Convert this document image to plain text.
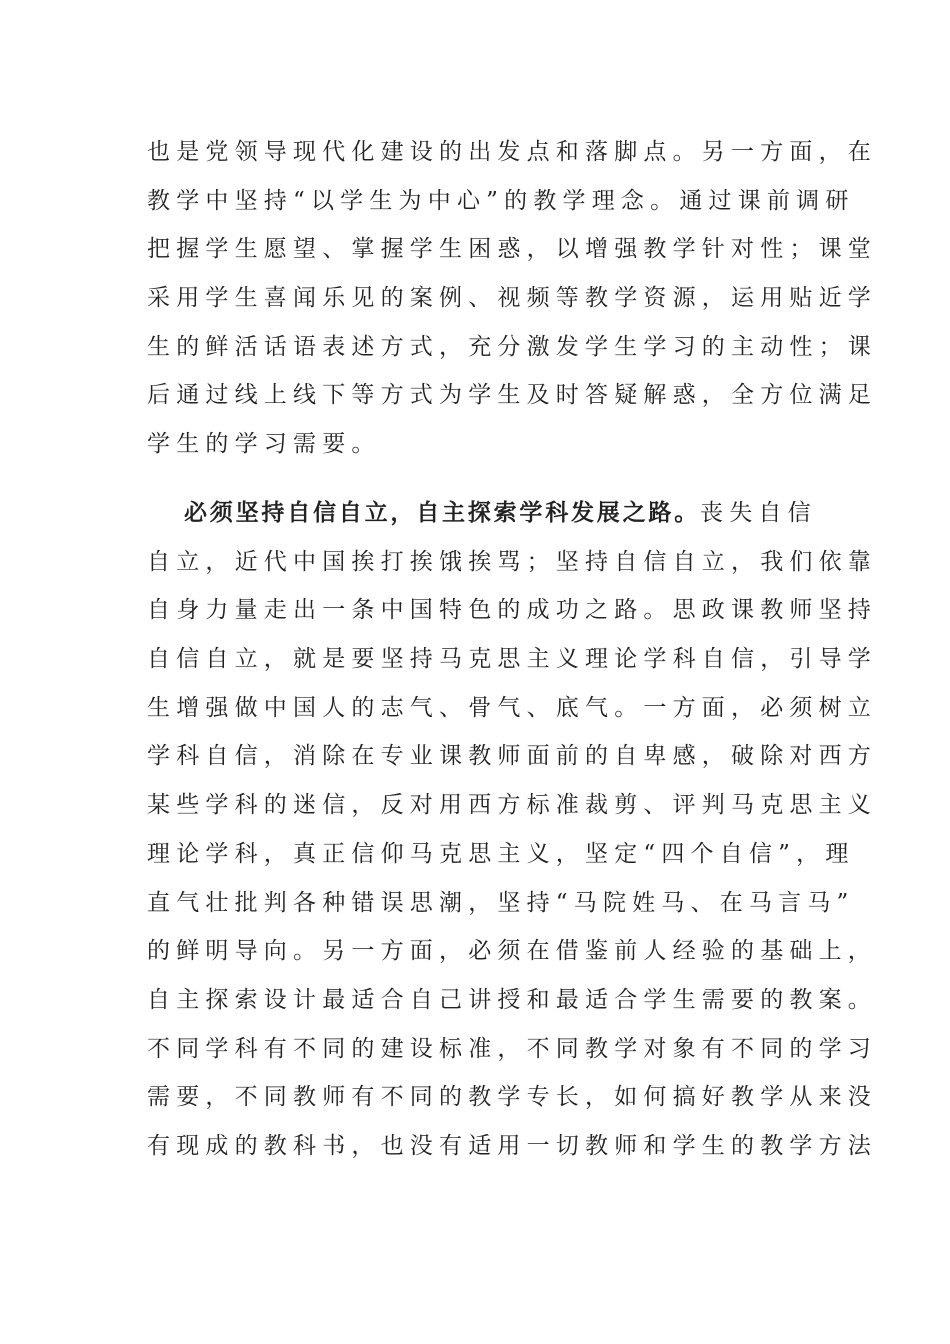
也是党领导现代化建设的出发点和落脚点。另一方面，在
教学中坚持“以学生为中心”的教学理念。通过课前调研
把握学生愿望、掌握学生困惑，以增强教学针对性；课堂
采用学生喜闻乐见的案例、视频等教学资源，运用贴近学
生的鲜活话语表述方式，充分激发学生学习的主动性；课
后通过线上线下等方式为学生及时答疑解惑，全方位满足
学生的学习需要。
必须坚持自信自立，自主探索学科发展之路。丧失自信
自立，近代中国挨打挨饿挨骂；坚持自信自立，我们依靠
自身力量走出一条中国特色的成功之路。思政课教师坚持
自信自立，就是要坚持马克思主义理论学科自信，引导学
生增强做中国人的志气、骨气、底气。一方面，必须树立
学科自信，消除在专业课教师面前的自卑感，破除对西方
某些学科的迷信，反对用西方标准裁剪、评判马克思主义
理论学科，真正信仰马克思主义，坚定“四个自信”，理
直气壮批判各种错误思潮，坚持“马院姓马、在马言马”
的鲜明导向。另一方面，必须在借鉴前人经验的基础上，
自主探索设计最适合自己讲授和最适合学生需要的教案。
不同学科有不同的建设标准，不同教学对象有不同的学习
需要，不同教师有不同的教学专长，如何搞好教学从来没
有现成的教科书，也没有适用一切教师和学生的教学方法
